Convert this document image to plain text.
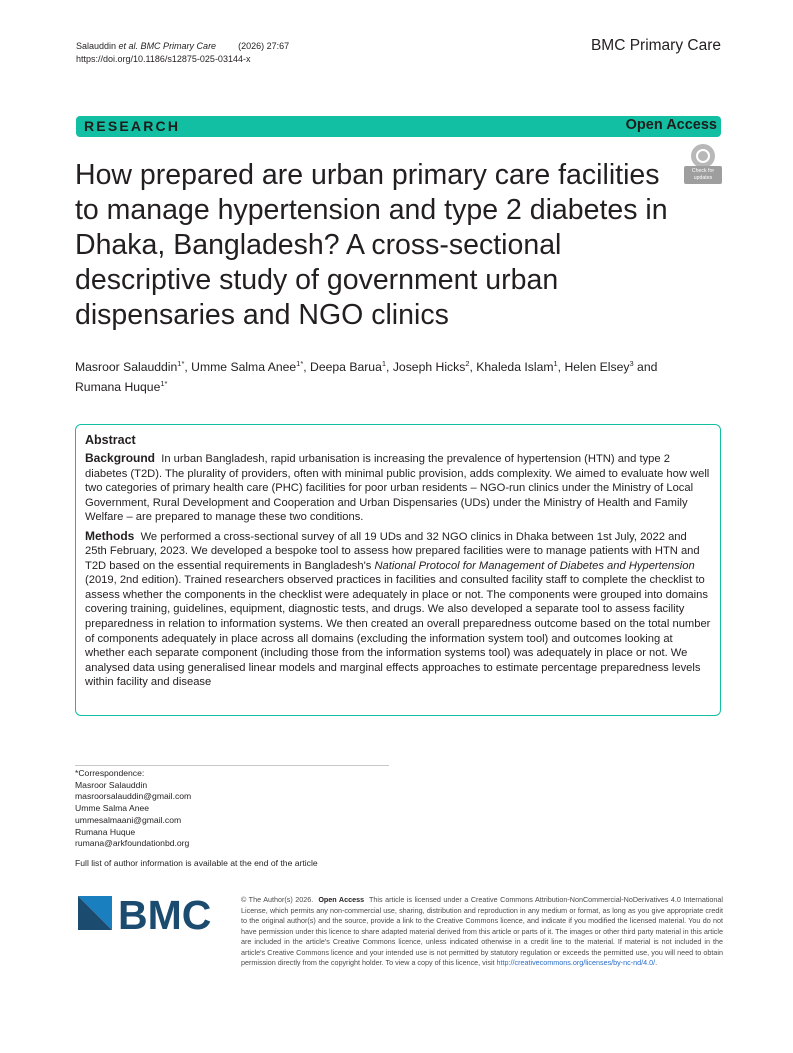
Salauddin et al. BMC Primary Care (2026) 27:67
https://doi.org/10.1186/s12875-025-03144-x
BMC Primary Care
RESEARCH	Open Access
How prepared are urban primary care facilities to manage hypertension and type 2 diabetes in Dhaka, Bangladesh? A cross-sectional descriptive study of government urban dispensaries and NGO clinics
Check for
updates
Masroor Salauddin$^{1*}$, Umme Salma Anee$^{1*}$, Deepa Barua$^1$, Joseph Hicks$^2$, Khaleda Islam$^1$, Helen Elsey$^3$ and
Rumana Huque$^{1*}$
Abstract

Background In urban Bangladesh, rapid urbanisation is increasing the prevalence of hypertension (HTN) and type 2 diabetes (T2D). The plurality of providers, often with minimal public provision, adds complexity. We aimed to evaluate how well two categories of primary health care (PHC) facilities for poor urban residents – NGO-run clinics under the Ministry of Local Government, Rural Development and Cooperation and Urban Dispensaries (UDs) under the Ministry of Health and Family Welfare – are prepared to manage these two conditions.

Methods We performed a cross-sectional survey of all 19 UDs and 32 NGO clinics in Dhaka between 1st July, 2022 and 25th February, 2023. We developed a bespoke tool to assess how prepared facilities were to manage patients with HTN and T2D based on the essential requirements in Bangladesh's National Protocol for Management of Diabetes and Hypertension (2019, 2nd edition). Trained researchers observed practices in facilities and consulted facility staff to complete the checklist to assess whether the components in the checklist were adequately in place or not. The components were grouped into domains covering training, guidelines, equipment, diagnostic tests, and drugs. We also developed a separate tool to assess facility preparedness in relation to information systems. We then created an overall preparedness outcome based on the total number of components adequately in place across all domains (excluding the information system tool) and outcomes looking at whether each separate component (including those from the information systems tool) was adequately in place or not. We analysed data using generalised linear models and marginal effects approaches to estimate percentage preparedness levels within facility and disease

*Correspondence:
Masroor Salauddin
masroorsalauddin@gmail.com
Umme Salma Anee
ummesalmaani@gmail.com
Rumana Huque
rumana@arkfoundationbd.org
Full list of author information is available at the end of the article
BMC	© The Author(s) 2026. Open Access This article is licensed under a Creative Commons Attribution-NonCommercial-NoDerivatives 4.0 International License, which permits any non-commercial use, sharing, distribution and reproduction in any medium or format, as long as you give appropriate credit to the original author(s) and the source, provide a link to the Creative Commons licence, and indicate if you modified the licensed material. You do not have permission under this licence to share adapted material derived from this article or parts of it. The images or other third party material in this article are included in the article's Creative Commons licence, unless indicated otherwise in a credit line to the material. If material is not included in the article's Creative Commons licence and your intended use is not permitted by statutory regulation or exceeds the permitted use, you will need to obtain permission directly from the copyright holder. To view a copy of this licence, visit http://creativecommons.org/licenses/by-nc-nd/4.0/.
